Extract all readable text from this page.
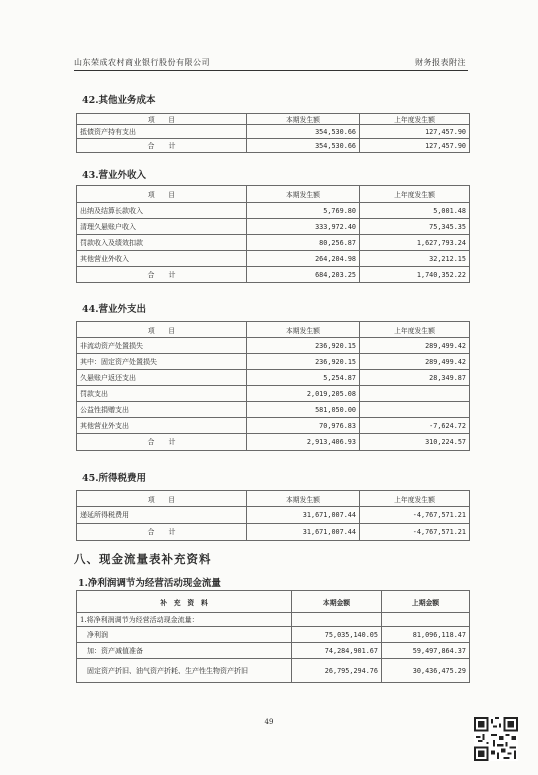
山东荣成农村商业银行股份有限公司	财务报表附注
42.其他业务成本
项　　目	本期发生额	上年度发生额
抵债资产持有支出	354,530.66	127,457.90
合　　计	354,530.66	127,457.90
43.营业外收入
项　　目	本期发生额	上年度发生额
出纳及结算长款收入	5,769.80	5,001.48
清理久悬账户收入	333,972.40	75,345.35
罚款收入及绩效扣款	80,256.87	1,627,793.24
其他营业外收入	264,204.98	32,212.15
合　　计	684,203.25	1,740,352.22
44.营业外支出
项　　目	本期发生额	上年度发生额
非流动资产处置损失	236,920.15	289,499.42
其中：固定资产处置损失	236,920.15	289,499.42
久悬账户返还支出	5,254.87	28,349.87
罚款支出	2,019,205.08	
公益性捐赠支出	581,050.00	
其他营业外支出	70,976.83	-7,624.72
合　　计	2,913,406.93	310,224.57
45.所得税费用
项　　目	本期发生额	上年度发生额
递延所得税费用	31,671,007.44	-4,767,571.21
合　　计	31,671,007.44	-4,767,571.21
八、现金流量表补充资料
1.净利润调节为经营活动现金流量
补　充　资　料	本期金额	上期金额
1.将净利润调节为经营活动现金流量：		
净利润	75,035,140.05	81,096,118.47
加：资产减值准备	74,284,901.67	59,497,864.37
固定资产折旧、油气资产折耗、生产性生物资产折旧	26,795,294.76	30,436,475.29
49
